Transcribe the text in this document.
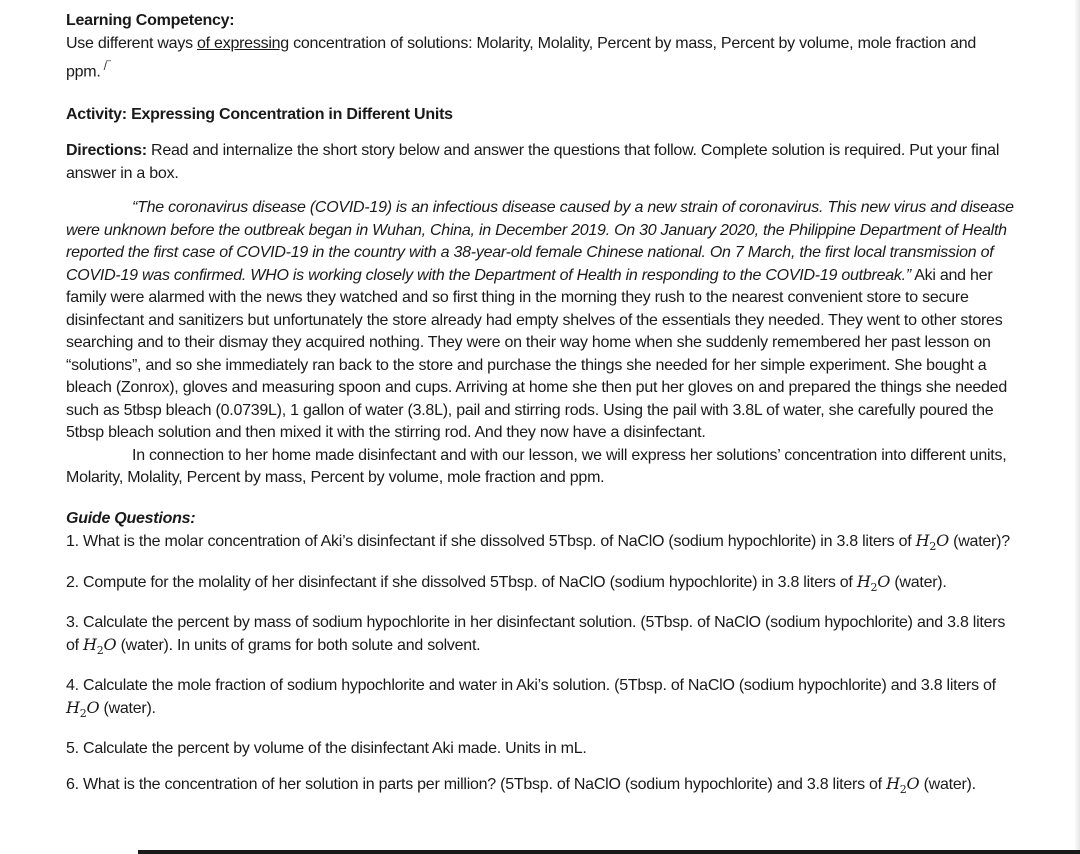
Learning Competency:

Use different ways of expressing concentration of solutions: Molarity, Molality, Percent by mass, Percent by volume, mole fraction and ppm. /‾

Activity: Expressing Concentration in Different Units

Directions: Read and internalize the short story below and answer the questions that follow. Complete solution is required. Put your final answer in a box.

“The coronavirus disease (COVID-19) is an infectious disease caused by a new strain of coronavirus. This new virus and disease were unknown before the outbreak began in Wuhan, China, in December 2019. On 30 January 2020, the Philippine Department of Health reported the first case of COVID-19 in the country with a 38-year-old female Chinese national. On 7 March, the first local transmission of COVID-19 was confirmed. WHO is working closely with the Department of Health in responding to the COVID-19 outbreak.” Aki and her family were alarmed with the news they watched and so first thing in the morning they rush to the nearest convenient store to secure disinfectant and sanitizers but unfortunately the store already had empty shelves of the essentials they needed. They went to other stores searching and to their dismay they acquired nothing. They were on their way home when she suddenly remembered her past lesson on “solutions”, and so she immediately ran back to the store and purchase the things she needed for her simple experiment. She bought a bleach (Zonrox), gloves and measuring spoon and cups. Arriving at home she then put her gloves on and prepared the things she needed such as 5tbsp bleach (0.0739L), 1 gallon of water (3.8L), pail and stirring rods. Using the pail with 3.8L of water, she carefully poured the 5tbsp bleach solution and then mixed it with the stirring rod. And they now have a disinfectant.

In connection to her home made disinfectant and with our lesson, we will express her solutions’ concentration into different units, Molarity, Molality, Percent by mass, Percent by volume, mole fraction and ppm.

Guide Questions:

1. What is the molar concentration of Aki’s disinfectant if she dissolved 5Tbsp. of NaClO (sodium hypochlorite) in 3.8 liters of $H_2O$ (water)?

2. Compute for the molality of her disinfectant if she dissolved 5Tbsp. of NaClO (sodium hypochlorite) in 3.8 liters of $H_2O$ (water).

3. Calculate the percent by mass of sodium hypochlorite in her disinfectant solution. (5Tbsp. of NaClO (sodium hypochlorite) and 3.8 liters of $H_2O$ (water). In units of grams for both solute and solvent.

4. Calculate the mole fraction of sodium hypochlorite and water in Aki’s solution. (5Tbsp. of NaClO (sodium hypochlorite) and 3.8 liters of $H_2O$ (water).

5. Calculate the percent by volume of the disinfectant Aki made. Units in mL.

6. What is the concentration of her solution in parts per million? (5Tbsp. of NaClO (sodium hypochlorite) and 3.8 liters of $H_2O$ (water).
